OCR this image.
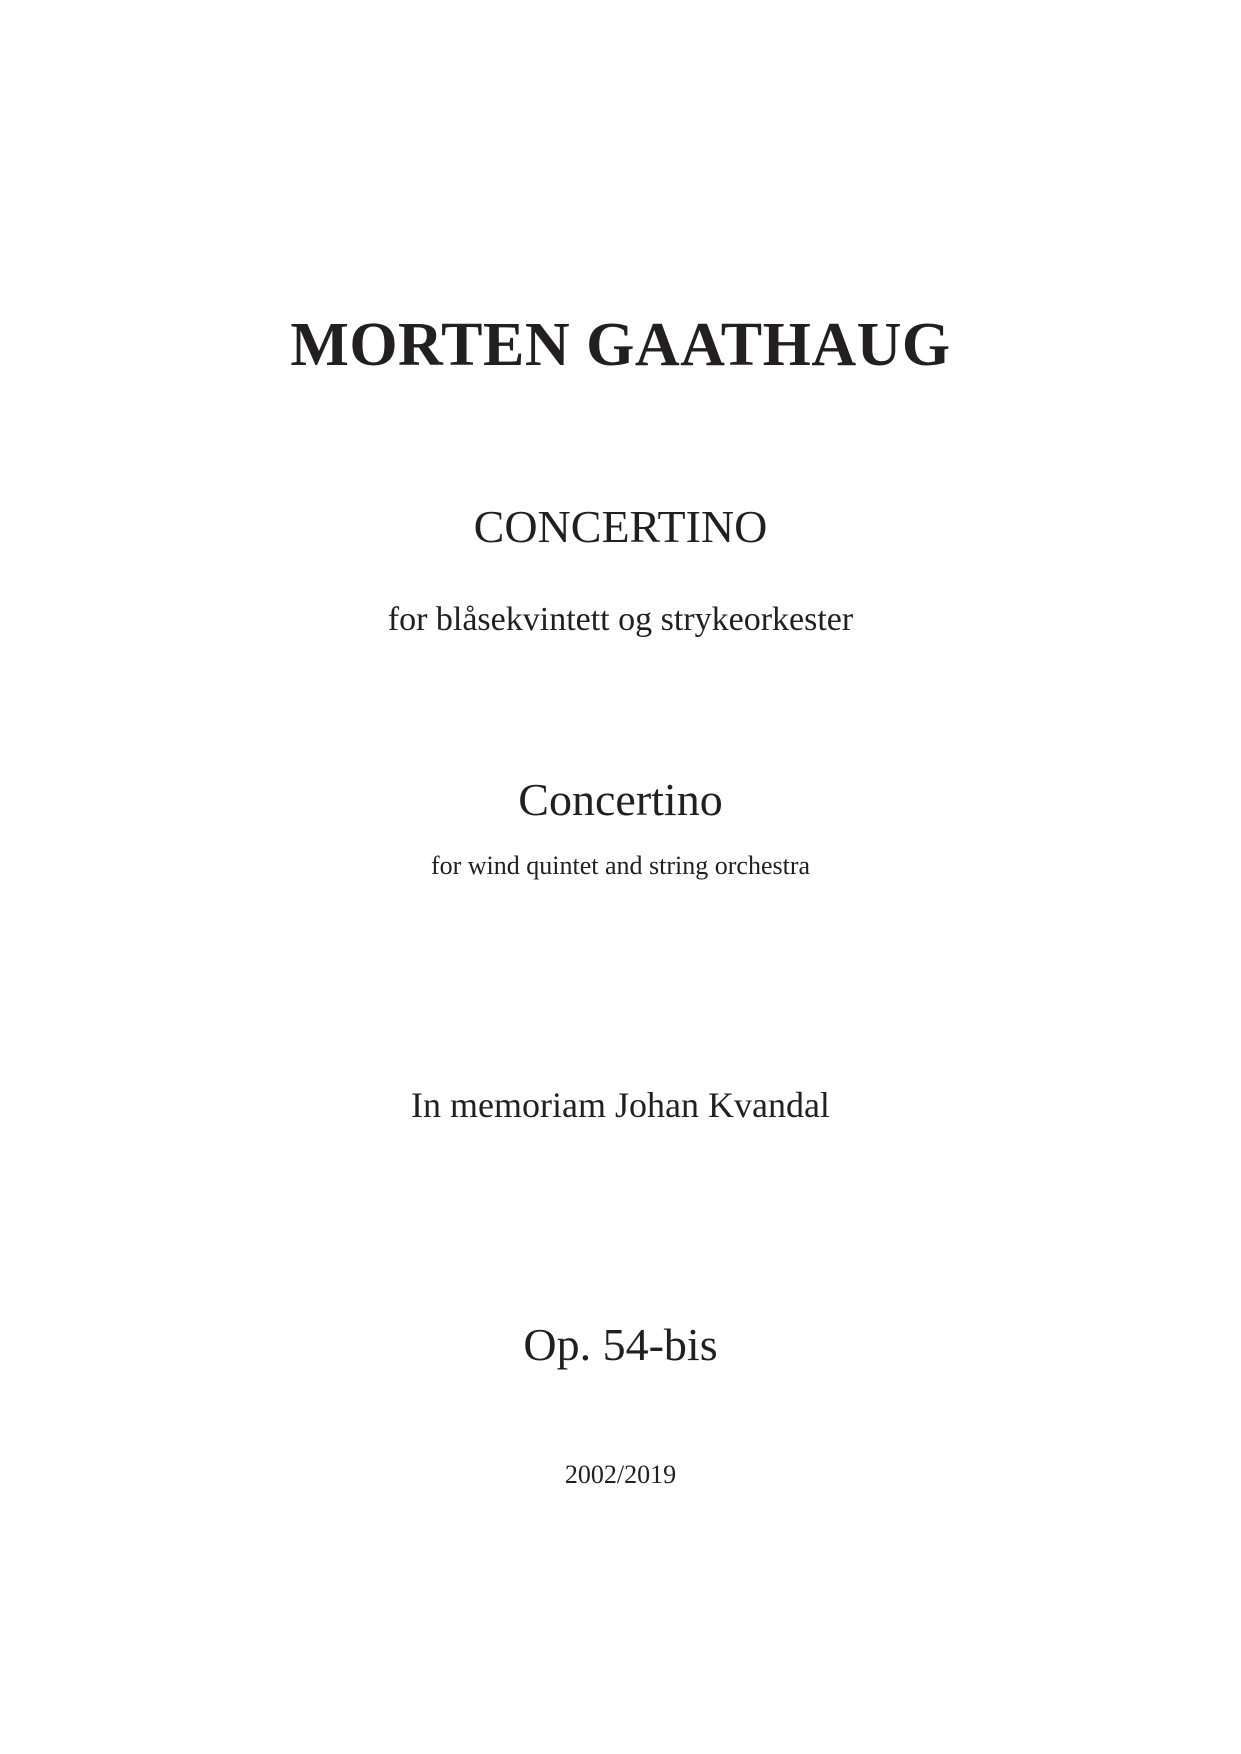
MORTEN GAATHAUG
CONCERTINO
for blåsekvintett og strykeorkester
Concertino
for wind quintet and string orchestra
In memoriam Johan Kvandal
Op. 54-bis
2002/2019
